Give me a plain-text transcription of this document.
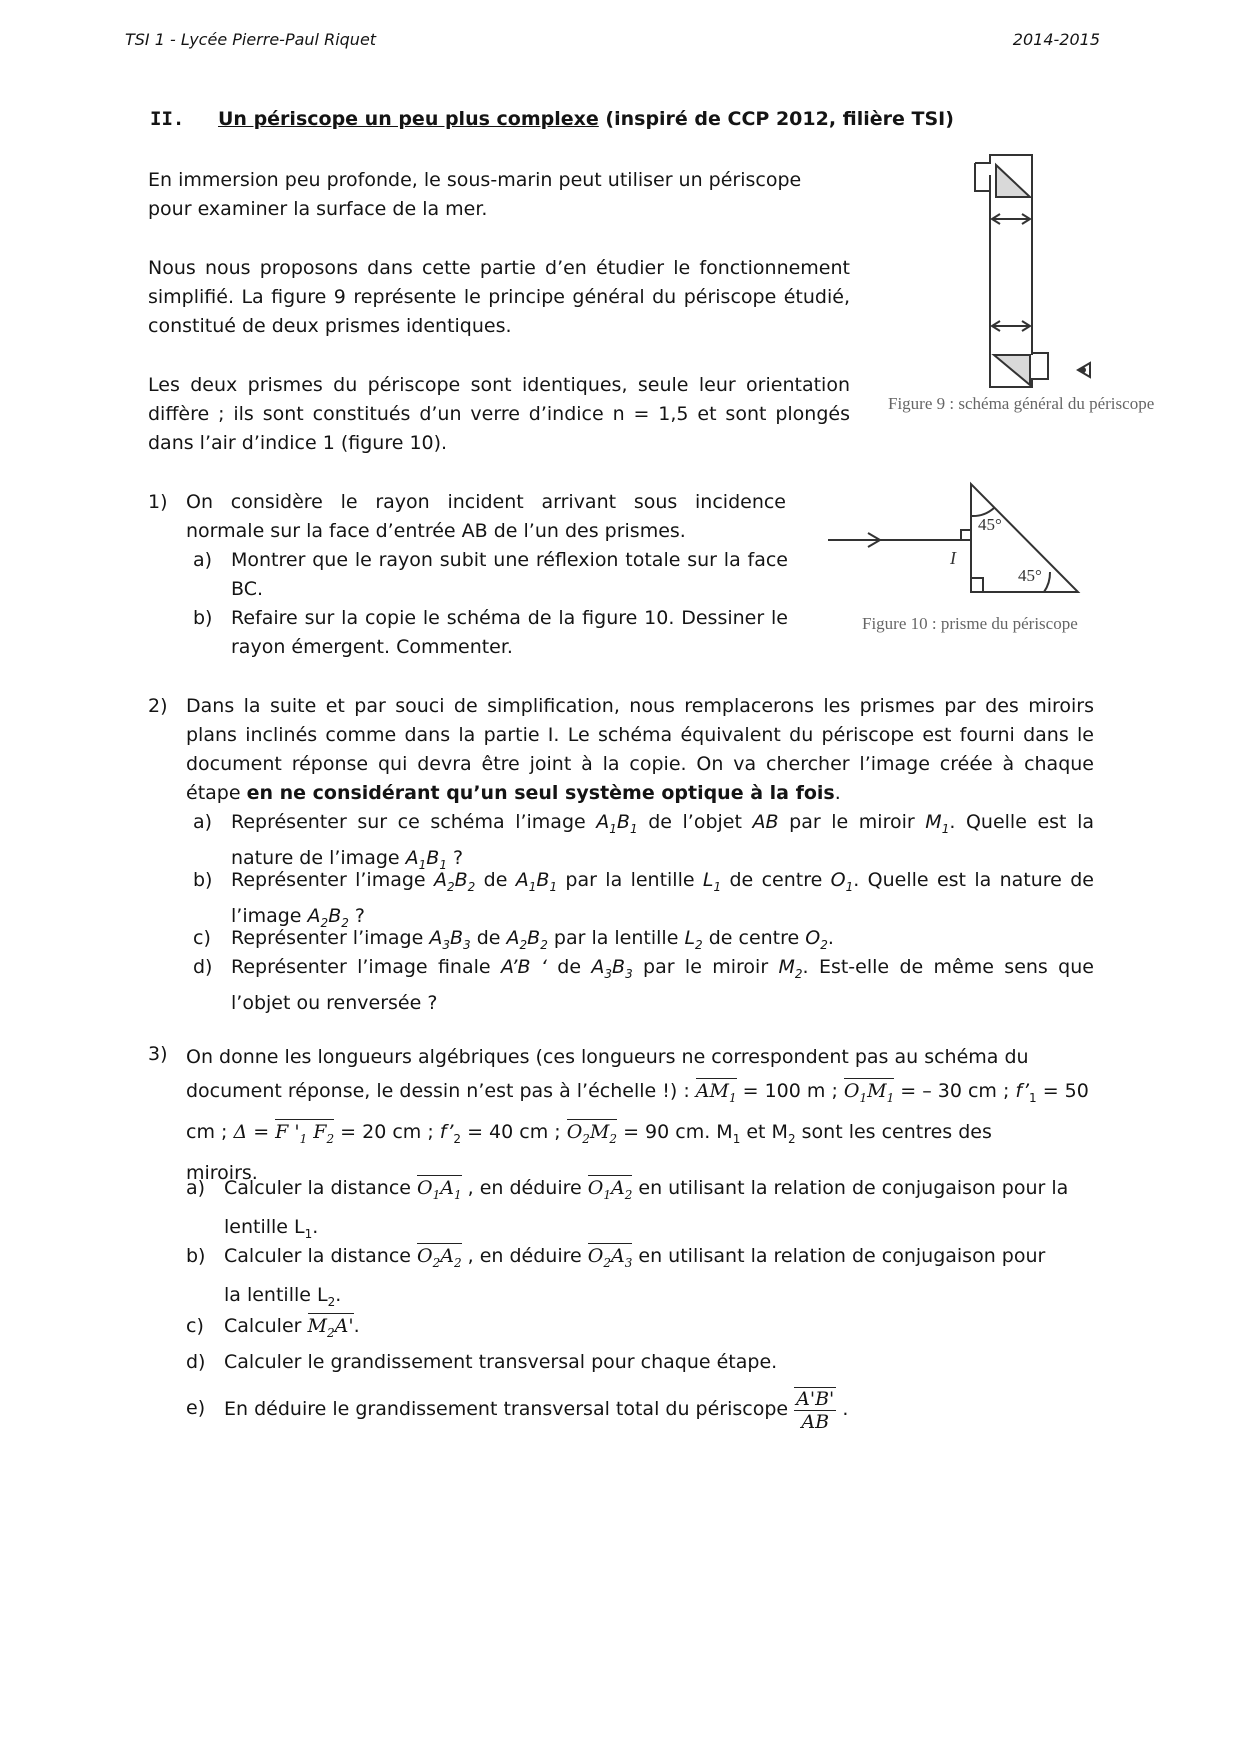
TSI 1 - Lycée Pierre-Paul Riquet	2014-2015
II. Un périscope un peu plus complexe (inspiré de CCP 2012, filière TSI)
En immersion peu profonde, le sous-marin peut utiliser un périscope
pour examiner la surface de la mer.
Nous nous proposons dans cette partie d’en étudier le fonctionnement simplifié. La figure 9 représente le principe général du périscope étudié, constitué de deux prismes identiques.
Les deux prismes du périscope sont identiques, seule leur orientation diffère ; ils sont constitués d’un verre d’indice n = 1,5 et sont plongés dans l’air d’indice 1 (figure 10).
Figure 9 : schéma général du périscope
1) On considère le rayon incident arrivant sous incidence normale sur la face d’entrée AB de l’un des prismes.
a) Montrer que le rayon subit une réflexion totale sur la face BC.
b) Refaire sur la copie le schéma de la figure 10. Dessiner le rayon émergent. Commenter.
45°
45°
I
Figure 10 : prisme du périscope
2) Dans la suite et par souci de simplification, nous remplacerons les prismes par des miroirs plans inclinés comme dans la partie I. Le schéma équivalent du périscope est fourni dans le document réponse qui devra être joint à la copie. On va chercher l’image créée à chaque étape en ne considérant qu’un seul système optique à la fois.
a) Représenter sur ce schéma l’image $A_1B_1$ de l’objet AB par le miroir $M_1$. Quelle est la nature de l’image $A_1B_1$ ?
b) Représenter l’image $A_2B_2$ de $A_1B_1$ par la lentille $L_1$ de centre $O_1$. Quelle est la nature de l’image $A_2B_2$ ?
c) Représenter l’image $A_3B_3$ de $A_2B_2$ par la lentille $L_2$ de centre $O_2$.
d) Représenter l’image finale A’B ‘ de $A_3B_3$ par le miroir $M_2$. Est-elle de même sens que l’objet ou renversée ?
3) On donne les longueurs algébriques (ces longueurs ne correspondent pas au schéma du
document réponse, le dessin n’est pas à l’échelle !) : $AM_1 = 100$ m ; $O_1M_1$ = – 30 cm ; $f’_1 = 50$
cm ; Δ = F '$_1$ $F_2 = 20$ cm ; $f’_2 = 40$ cm ; $O_2M_2 = 90$ cm. $M_1$ et $M_2$ sont les centres des
miroirs.
a) Calculer la distance $O_1A_1$ , en déduire $O_1A_2$ en utilisant la relation de conjugaison pour la
lentille $L_1$.
b) Calculer la distance $O_2A_2$ , en déduire $O_2A_3$ en utilisant la relation de conjugaison pour
la lentille $L_2$.
c) Calculer $M_2A'$.
d) Calculer le grandissement transversal pour chaque étape.
e) En déduire le grandissement transversal total du périscope $\frac{A'B'}{AB}$ .
